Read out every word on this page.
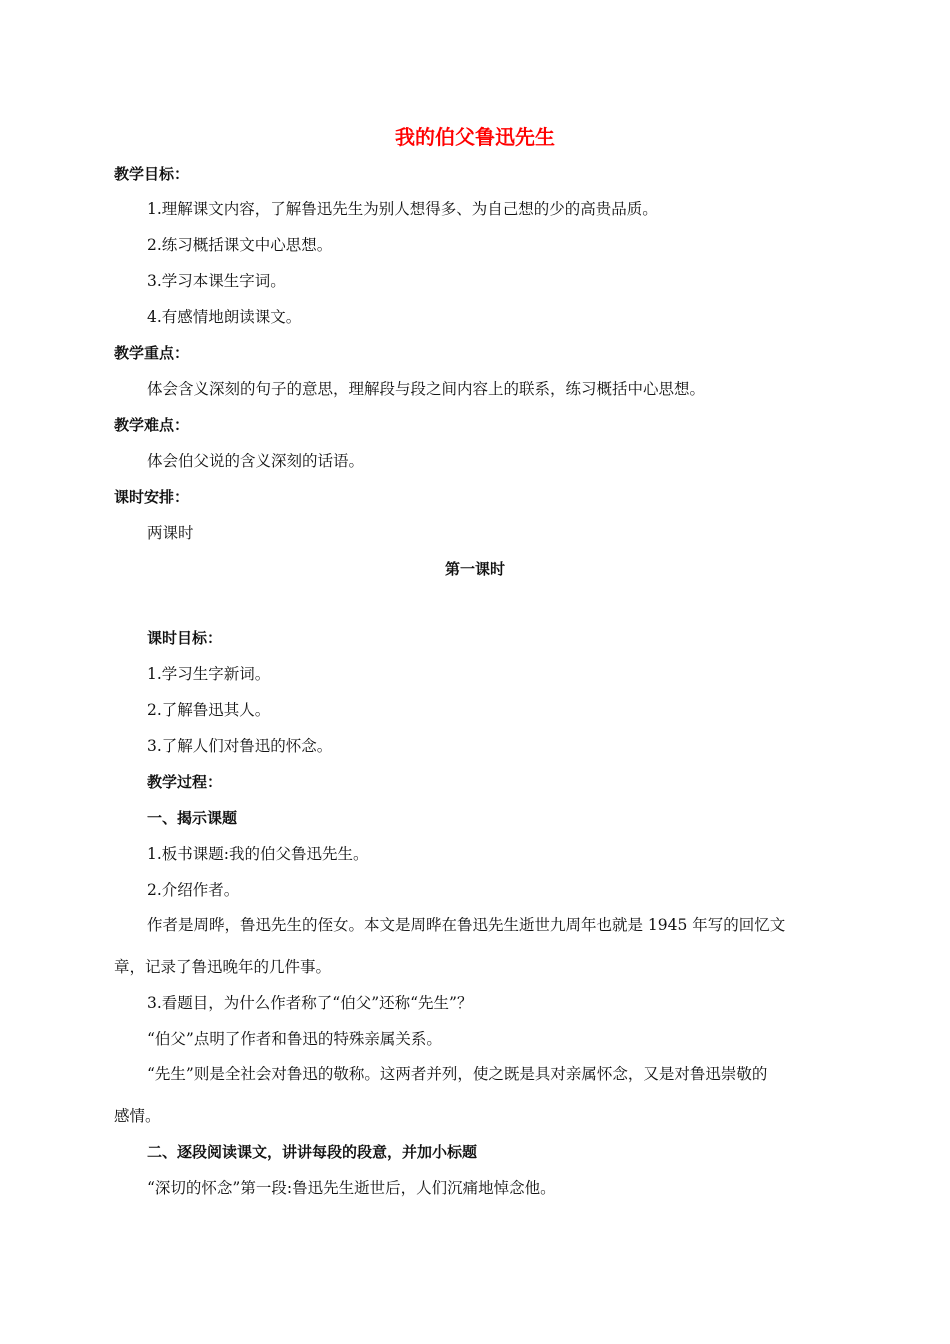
我的伯父鲁迅先生
教学目标：
1.理解课文内容，了解鲁迅先生为别人想得多、为自己想的少的高贵品质。
2.练习概括课文中心思想。
3.学习本课生字词。
4.有感情地朗读课文。
教学重点：
体会含义深刻的句子的意思，理解段与段之间内容上的联系，练习概括中心思想。
教学难点：
体会伯父说的含义深刻的话语。
课时安排：
两课时
第一课时
课时目标：
1.学习生字新词。
2.了解鲁迅其人。
3.了解人们对鲁迅的怀念。
教学过程：
一、揭示课题
1.板书课题:我的伯父鲁迅先生。
2.介绍作者。
作者是周晔，鲁迅先生的侄女。本文是周晔在鲁迅先生逝世九周年也就是 1945 年写的回忆文
章，记录了鲁迅晚年的几件事。
3.看题目，为什么作者称了“伯父”还称“先生”？
“伯父”点明了作者和鲁迅的特殊亲属关系。
“先生”则是全社会对鲁迅的敬称。这两者并列，使之既是具对亲属怀念，又是对鲁迅崇敬的
感情。
二、逐段阅读课文，讲讲每段的段意，并加小标题
“深切的怀念”第一段:鲁迅先生逝世后，人们沉痛地悼念他。
